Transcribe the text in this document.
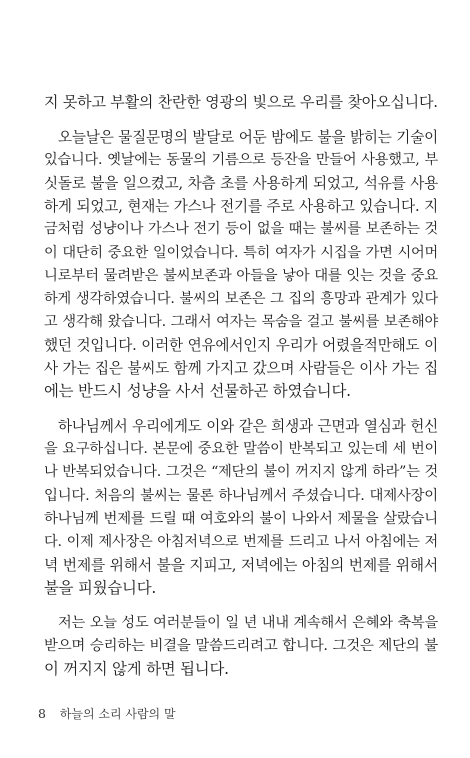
지 못하고 부활의 찬란한 영광의 빛으로 우리를 찾아오십니다.
오늘날은 물질문명의 발달로 어둔 밤에도 불을 밝히는 기술이
있습니다. 옛날에는 동물의 기름으로 등잔을 만들어 사용했고, 부
싯돌로 불을 일으켰고, 차츰 초를 사용하게 되었고, 석유를 사용
하게 되었고, 현재는 가스나 전기를 주로 사용하고 있습니다. 지
금처럼 성냥이나 가스나 전기 등이 없을 때는 불씨를 보존하는 것
이 대단히 중요한 일이었습니다. 특히 여자가 시집을 가면 시어머
니로부터 물려받은 불씨보존과 아들을 낳아 대를 잇는 것을 중요
하게 생각하였습니다. 불씨의 보존은 그 집의 흥망과 관계가 있다
고 생각해 왔습니다. 그래서 여자는 목숨을 걸고 불씨를 보존해야
했던 것입니다. 이러한 연유에서인지 우리가 어렸을적만해도 이
사 가는 집은 불씨도 함께 가지고 갔으며 사람들은 이사 가는 집
에는 반드시 성냥을 사서 선물하곤 하였습니다.
하나님께서 우리에게도 이와 같은 희생과 근면과 열심과 헌신
을 요구하십니다. 본문에 중요한 말씀이 반복되고 있는데 세 번이
나 반복되었습니다. 그것은 “제단의 불이 꺼지지 않게 하라”는 것
입니다. 처음의 불씨는 물론 하나님께서 주셨습니다. 대제사장이
하나님께 번제를 드릴 때 여호와의 불이 나와서 제물을 살랐습니
다. 이제 제사장은 아침저녁으로 번제를 드리고 나서 아침에는 저
녁 번제를 위해서 불을 지피고, 저녁에는 아침의 번제를 위해서
불을 피웠습니다.
저는 오늘 성도 여러분들이 일 년 내내 계속해서 은혜와 축복을
받으며 승리하는 비결을 말씀드리려고 합니다. 그것은 제단의 불
이 꺼지지 않게 하면 됩니다.
8 하늘의 소리 사람의 말
